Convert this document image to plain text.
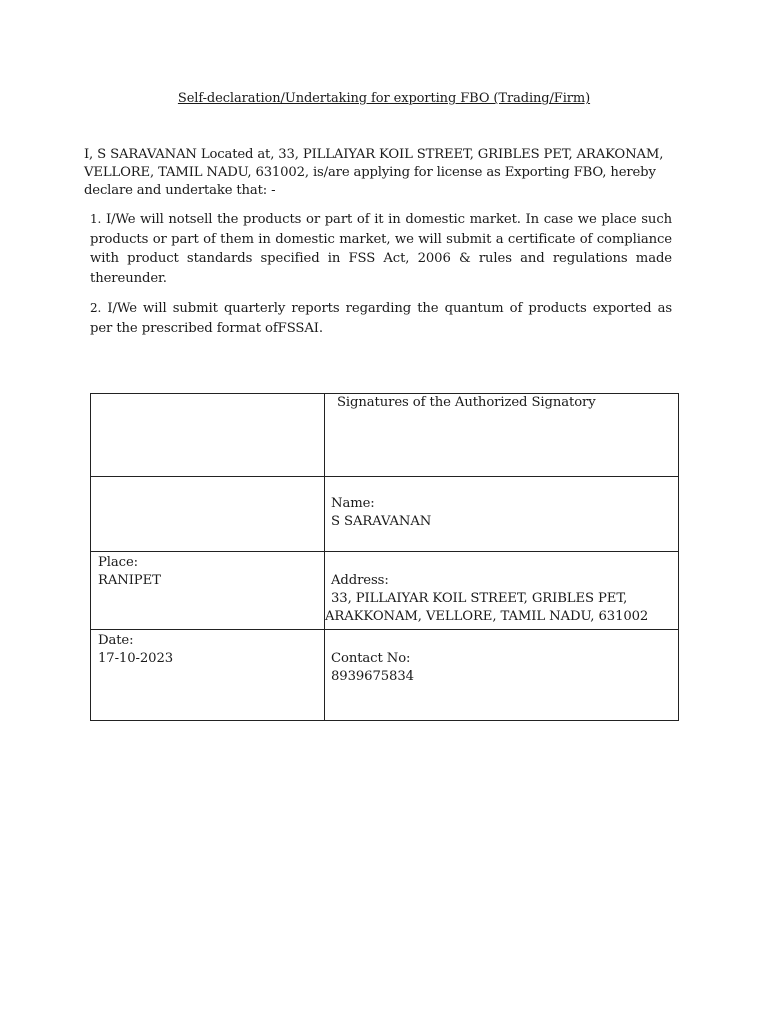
Self-declaration/Undertaking for exporting FBO (Trading/Firm)
I, S SARAVANAN Located at, 33, PILLAIYAR KOIL STREET, GRIBLES PET, ARAKONAM, VELLORE, TAMIL NADU, 631002, is/are applying for license as Exporting FBO, hereby declare and undertake that: -
1. I/We will notsell the products or part of it in domestic market. In case we place such products or part of them in domestic market, we will submit a certificate of compliance with product standards specified in FSS Act, 2006 & rules and regulations made thereunder.
2. I/We will submit quarterly reports regarding the quantum of products exported as per the prescribed format ofFSSAI.

	Signatures of the Authorized Signatory

	Name:
S SARAVANAN

Place:
RANIPET	Address:
33, PILLAIYAR KOIL STREET, GRIBLES PET,
ARAKKONAM, VELLORE, TAMIL NADU, 631002

Date:
17-10-2023	Contact No:
8939675834
